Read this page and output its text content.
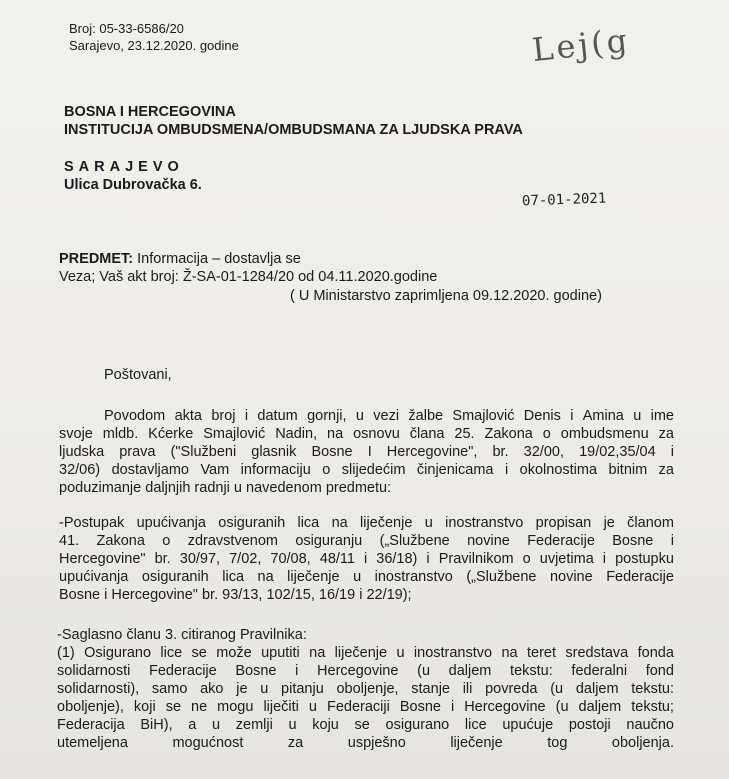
Broj: 05-33-6586/20
Sarajevo, 23.12.2020. godine	Lej(g
BOSNA I HERCEGOVINA
INSTITUCIJA OMBUDSMENA/OMBUDSMANA ZA LJUDSKA PRAVA
SARAJEVO
Ulica Dubrovačka 6.
07-01-2021
PREDMET: Informacija – dostavlja se
Veza; Vaš akt broj: Ž-SA-01-1284/20 od 04.11.2020.godine
( U Ministarstvo zaprimljena 09.12.2020. godine)
Poštovani,
Povodom akta broj i datum gornji, u vezi žalbe Smajlović Denis i Amina u ime
svoje mldb. Kćerke Smajlović Nadin, na osnovu člana 25. Zakona o ombudsmenu za
ljudska prava ("Službeni glasnik Bosne I Hercegovine", br. 32/00, 19/02,35/04 i
32/06) dostavljamo Vam informaciju o slijedećim činjenicama i okolnostima bitnim za
poduzimanje daljnjih radnji u navedenom predmetu:
-Postupak upućivanja osiguranih lica na liječenje u inostranstvo propisan je članom
41. Zakona o zdravstvenom osiguranju („Službene novine Federacije Bosne i
Hercegovine" br. 30/97, 7/02, 70/08, 48/11 i 36/18) i Pravilnikom o uvjetima i postupku
upućivanja osiguranih lica na liječenje u inostranstvo („Službene novine Federacije
Bosne i Hercegovine" br. 93/13, 102/15, 16/19 i 22/19);
-Saglasno članu 3. citiranog Pravilnika:
(1) Osigurano lice se može uputiti na liječenje u inostranstvo na teret sredstava fonda
solidarnosti Federacije Bosne i Hercegovine (u daljem tekstu: federalni fond
solidarnosti), samo ako je u pitanju oboljenje, stanje ili povreda (u daljem tekstu:
oboljenje), koji se ne mogu liječiti u Federaciji Bosne i Hercegovine (u daljem tekstu;
Federacija BiH), a u zemlji u koju se osigurano lice upućuje postoji naučno
utemeljena	mogućnost	za	uspješno	liječenje	tog	oboljenja.
